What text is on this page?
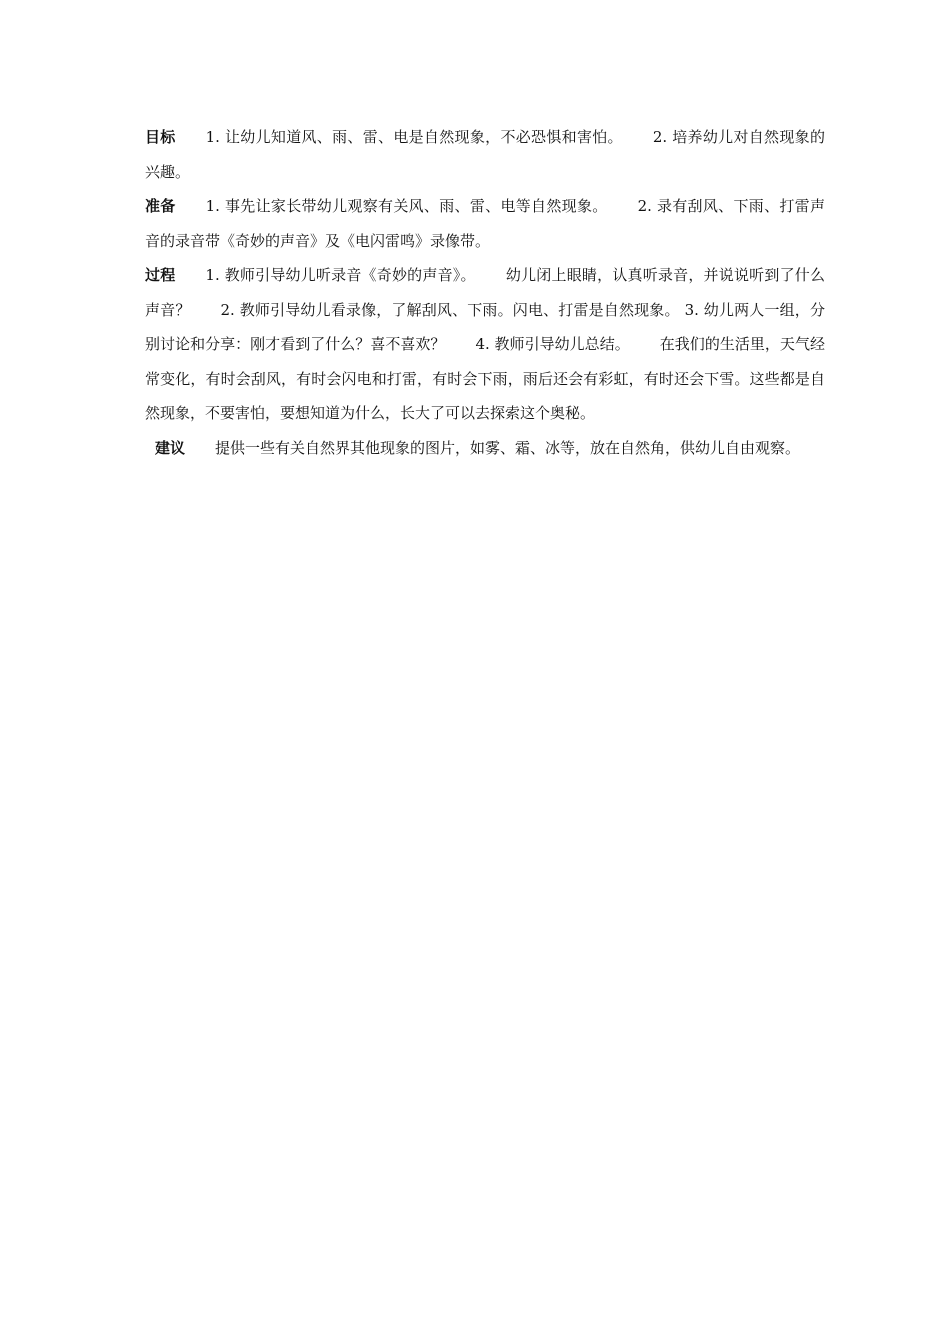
目标 1. 让幼儿知道风、雨、雷、电是自然现象，不必恐惧和害怕。 2. 培养幼儿对自然现象的兴趣。

准备 1. 事先让家长带幼儿观察有关风、雨、雷、电等自然现象。 2. 录有刮风、下雨、打雷声音的录音带《奇妙的声音》及《电闪雷鸣》录像带。

过程 1. 教师引导幼儿听录音《奇妙的声音》。 幼儿闭上眼睛，认真听录音，并说说听到了什么声音？ 2. 教师引导幼儿看录像，了解刮风、下雨。闪电、打雷是自然现象。 3. 幼儿两人一组，分别讨论和分享：刚才看到了什么？喜不喜欢？ 4. 教师引导幼儿总结。 在我们的生活里，天气经常变化，有时会刮风，有时会闪电和打雷，有时会下雨，雨后还会有彩虹，有时还会下雪。这些都是自然现象，不要害怕，要想知道为什么，长大了可以去探索这个奥秘。

建议 提供一些有关自然界其他现象的图片，如雾、霜、冰等，放在自然角，供幼儿自由观察。
